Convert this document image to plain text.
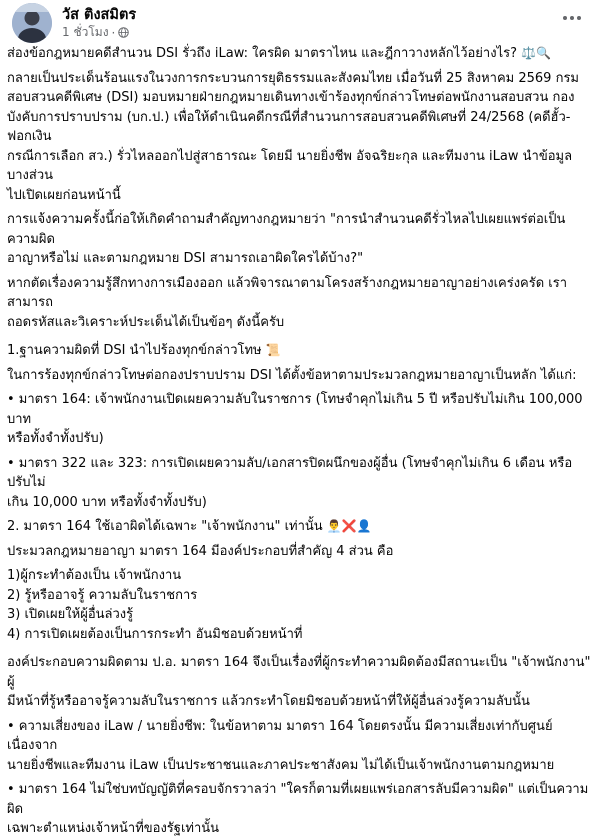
วัส ติงสมิตร
1 ชั่วโมง ·

ส่องข้อกฎหมายคดีสำนวน DSI รั่วถึง iLaw: ใครผิด มาตราไหน และฎีกาวางหลักไว้อย่างไร? ⚖️🔍

กลายเป็นประเด็นร้อนแรงในวงการกระบวนการยุติธรรมและสังคมไทย เมื่อวันที่ 25 สิงหาคม 2569 กรม
สอบสวนคดีพิเศษ (DSI) มอบหมายฝ่ายกฎหมายเดินทางเข้าร้องทุกข์กล่าวโทษต่อพนักงานสอบสวน กอง
บังคับการปราบปราม (บก.ป.) เพื่อให้ดำเนินคดีกรณีที่สำนวนการสอบสวนคดีพิเศษที่ 24/2568 (คดีฮั้ว-ฟอกเงิน
กรณีการเลือก สว.) รั่วไหลออกไปสู่สาธารณะ โดยมี นายยิ่งชีพ อัจฉริยะกุล และทีมงาน iLaw นำข้อมูลบางส่วน
ไปเปิดเผยก่อนหน้านี้

การแจ้งความครั้งนี้ก่อให้เกิดคำถามสำคัญทางกฎหมายว่า "การนำสำนวนคดีรั่วไหลไปเผยแพร่ต่อเป็นความผิด
อาญาหรือไม่ และตามกฎหมาย DSI สามารถเอาผิดใครได้บ้าง?"

หากตัดเรื่องความรู้สึกทางการเมืองออก แล้วพิจารณาตามโครงสร้างกฎหมายอาญาอย่างเคร่งครัด เราสามารถ
ถอดรหัสและวิเคราะห์ประเด็นได้เป็นข้อๆ ดังนี้ครับ

1.ฐานความผิดที่ DSI นำไปร้องทุกข์กล่าวโทษ 📜

ในการร้องทุกข์กล่าวโทษต่อกองปราบปราม DSI ได้ตั้งข้อหาตามประมวลกฎหมายอาญาเป็นหลัก ได้แก่:

• มาตรา 164: เจ้าพนักงานเปิดเผยความลับในราชการ (โทษจำคุกไม่เกิน 5 ปี หรือปรับไม่เกิน 100,000 บาท
หรือทั้งจำทั้งปรับ)

• มาตรา 322 และ 323: การเปิดเผยความลับ/เอกสารปิดผนึกของผู้อื่น (โทษจำคุกไม่เกิน 6 เดือน หรือปรับไม่
เกิน 10,000 บาท หรือทั้งจำทั้งปรับ)

2. มาตรา 164 ใช้เอาผิดได้เฉพาะ "เจ้าพนักงาน" เท่านั้น 👨‍💼❌👤

ประมวลกฎหมายอาญา มาตรา 164 มีองค์ประกอบที่สำคัญ 4 ส่วน คือ

1)ผู้กระทำต้องเป็น เจ้าพนักงาน
2) รู้หรืออาจรู้ ความลับในราชการ
3) เปิดเผยให้ผู้อื่นล่วงรู้
4) การเปิดเผยต้องเป็นการกระทำ อันมิชอบด้วยหน้าที่

องค์ประกอบความผิดตาม ป.อ. มาตรา 164 จึงเป็นเรื่องที่ผู้กระทำความผิดต้องมีสถานะเป็น "เจ้าพนักงาน" ผู้
มีหน้าที่รู้หรืออาจรู้ความลับในราชการ แล้วกระทำโดยมิชอบด้วยหน้าที่ให้ผู้อื่นล่วงรู้ความลับนั้น

• ความเสี่ยงของ iLaw / นายยิ่งชีพ: ในข้อหาตาม มาตรา 164 โดยตรงนั้น มีความเสี่ยงเท่ากับศูนย์ เนื่องจาก
นายยิ่งชีพและทีมงาน iLaw เป็นประชาชนและภาคประชาสังคม ไม่ได้เป็นเจ้าพนักงานตามกฎหมาย

• มาตรา 164 ไม่ใช่บทบัญญัติที่ครอบจักรวาลว่า "ใครก็ตามที่เผยแพร่เอกสารลับมีความผิด" แต่เป็นความผิด
เฉพาะตำแหน่งเจ้าหน้าที่ของรัฐเท่านั้น
